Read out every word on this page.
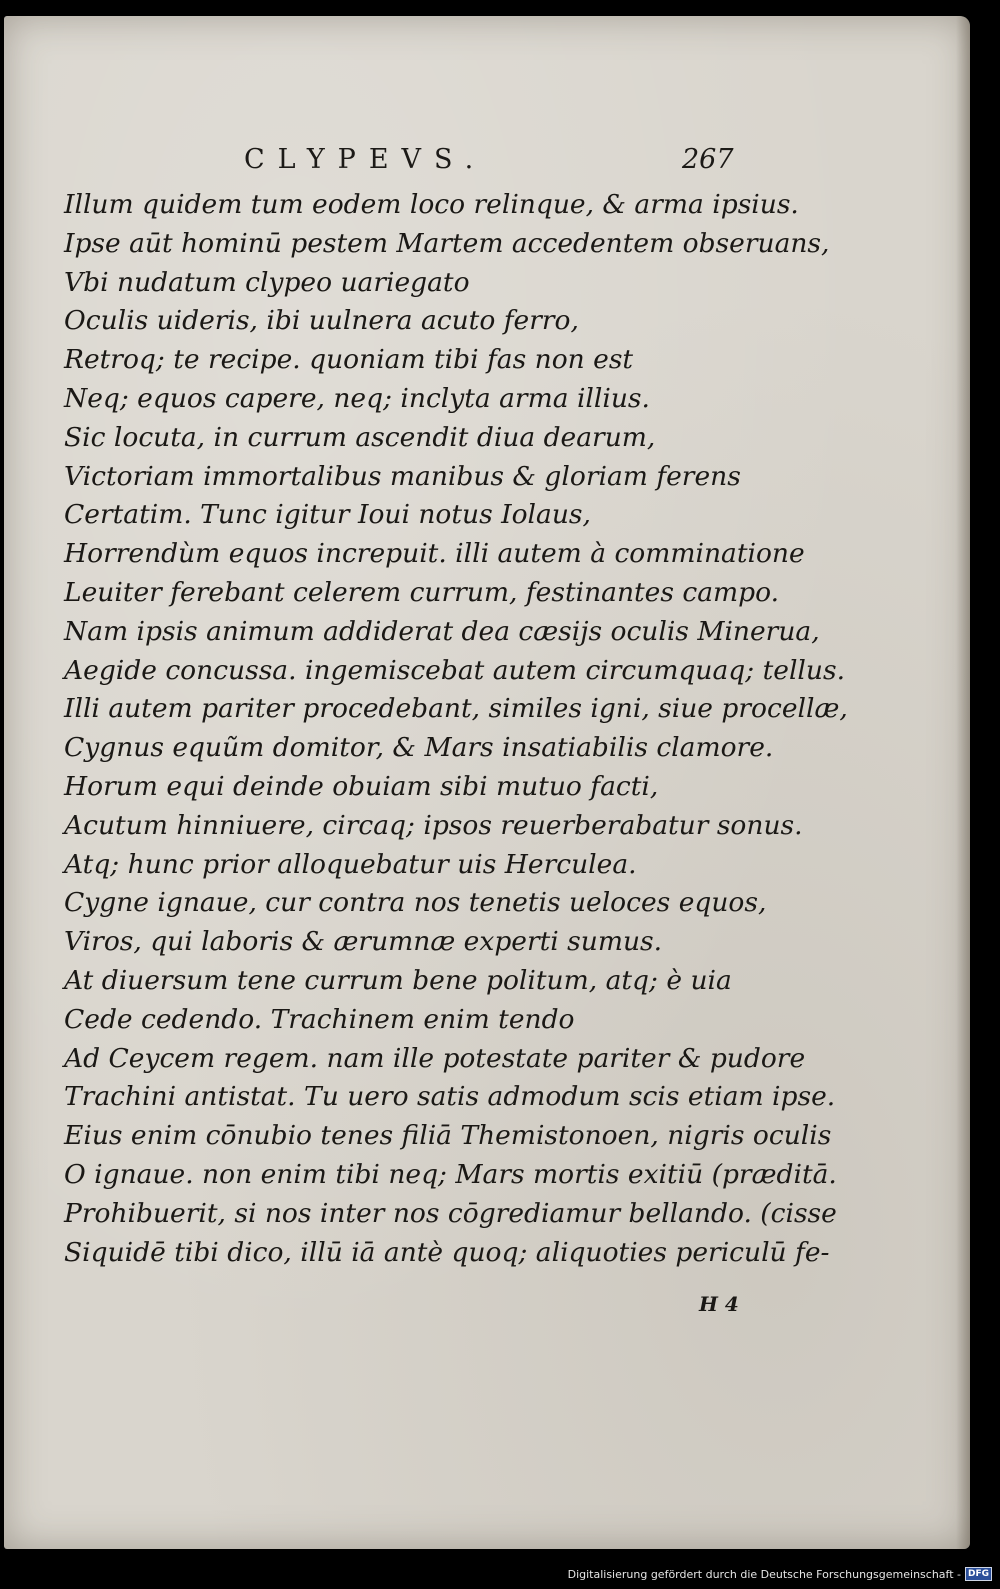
CLYPEVS.	267
Illum quidem tum eodem loco relinque, & arma ipsius.
Ipse aūt hominū pestem Martem accedentem obseruans,
Vbi nudatum clypeo uariegato
Oculis uideris, ibi uulnera acuto ferro,
Retroq; te recipe. quoniam tibi fas non est
Neq; equos capere, neq; inclyta arma illius.
Sic locuta, in currum ascendit diua dearum,
Victoriam immortalibus manibus & gloriam ferens
Certatim. Tunc igitur Ioui notus Iolaus,
Horrendùm equos increpuit. illi autem à comminatione
Leuiter ferebant celerem currum, festinantes campo.
Nam ipsis animum addiderat dea cæsijs oculis Mineruа,
Aegide concussa. ingemiscebat autem circumquaq; tellus.
Illi autem pariter procedebant, similes igni, siue procellæ,
Cygnus equũm domitor, & Mars insatiabilis clamore.
Horum equi deinde obuiam sibi mutuo facti,
Acutum hinniuere, circaq; ipsos reuerberabatur sonus.
Atq; hunc prior alloquebatur uis Herculea.
Cygne ignaue, cur contra nos tenetis ueloces equos,
Viros, qui laboris & ærumnæ experti sumus.
At diuersum tene currum bene politum, atq; è uia
Cede cedendo. Trachinem enim tendo
Ad Ceycem regem. nam ille potestate pariter & pudore
Trachini antistat. Tu uero satis admodum scis etiam ipse.
Eius enim cōnubio tenes filiā Themistonoen, nigris oculis
O ignaue. non enim tibi neq; Mars mortis exitiū (præditā.
Prohibuerit, si nos inter nos cōgrediamur bellando. (cisse
Siquidē tibi dico, illū iā antè quoq; aliquoties periculū fe-
H 4
Digitalisierung gefördert durch die Deutsche Forschungsgemeinschaft - DFG
